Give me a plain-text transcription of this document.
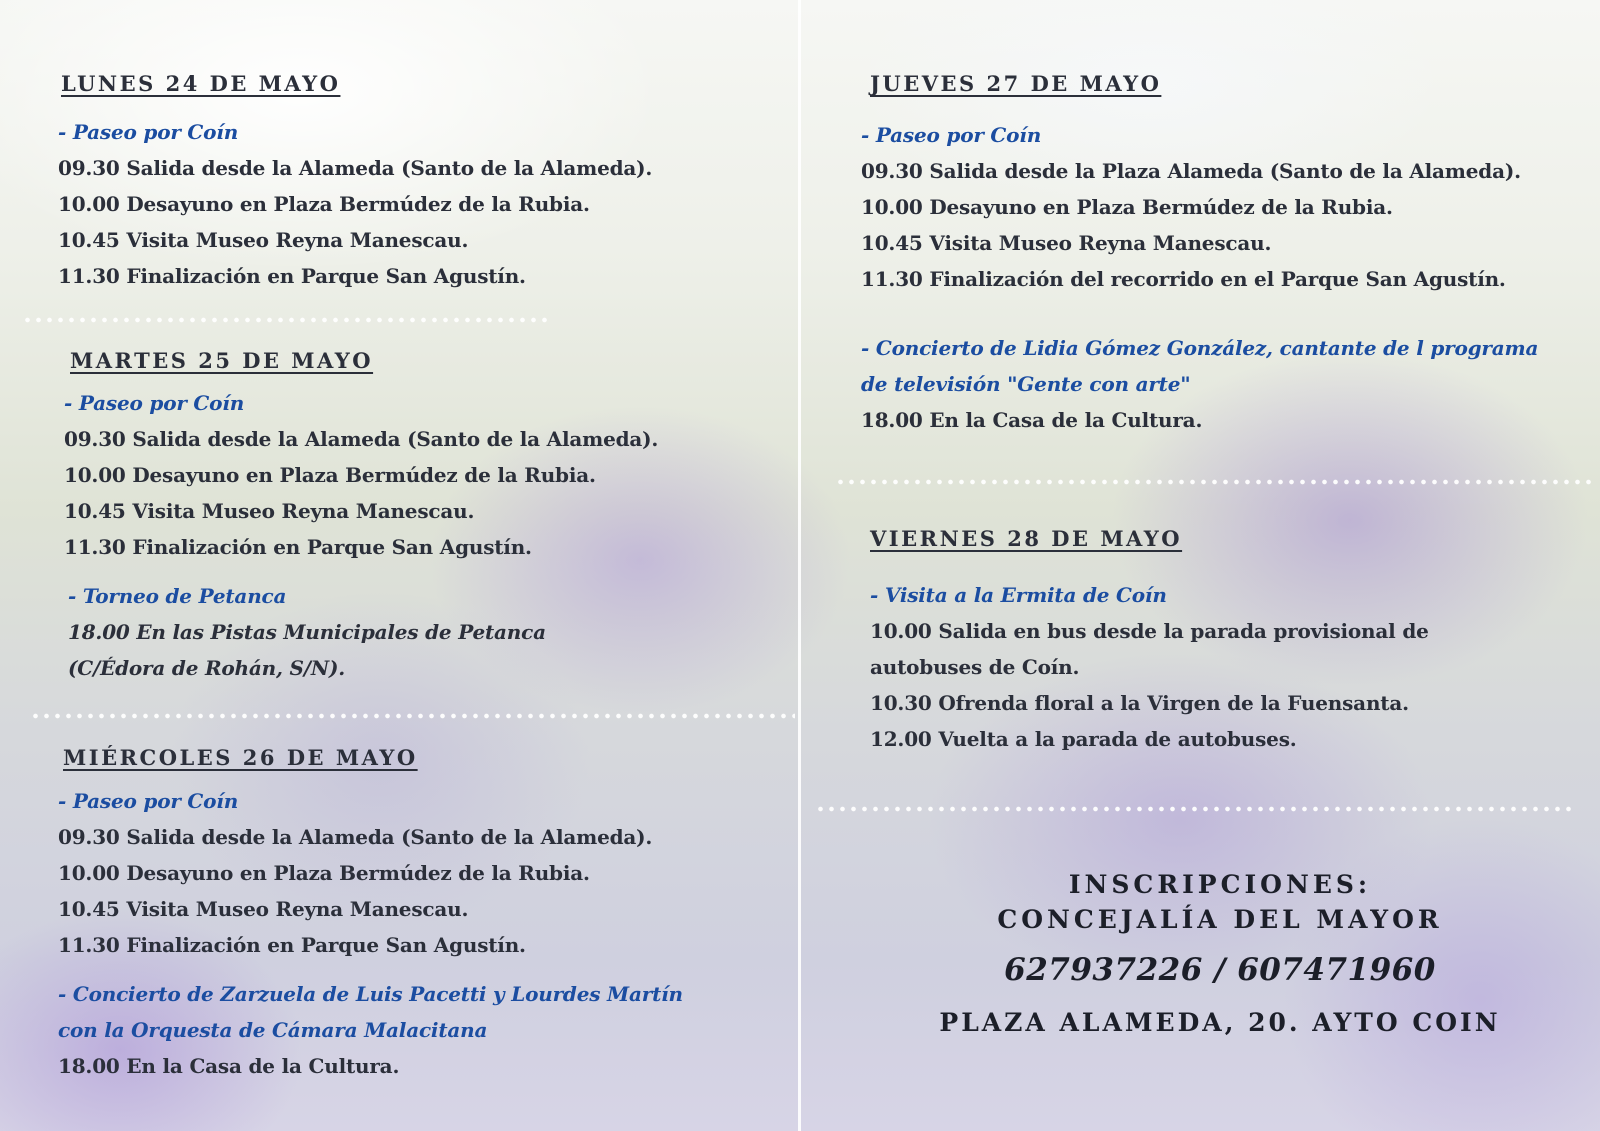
LUNES 24 DE MAYO

- Paseo por Coín

09.30 Salida desde la Alameda (Santo de la Alameda).

10.00 Desayuno en Plaza Bermúdez de la Rubia.

10.45 Visita Museo Reyna Manescau.

11.30 Finalización en Parque San Agustín.

MARTES 25 DE MAYO

- Paseo por Coín

09.30 Salida desde la Alameda (Santo de la Alameda).

10.00 Desayuno en Plaza Bermúdez de la Rubia.

10.45 Visita Museo Reyna Manescau.

11.30 Finalización en Parque San Agustín.

- Torneo de Petanca

18.00 En las Pistas Municipales de Petanca

(C/Édora de Rohán, S/N).

MIÉRCOLES 26 DE MAYO

- Paseo por Coín

09.30 Salida desde la Alameda (Santo de la Alameda).

10.00 Desayuno en Plaza Bermúdez de la Rubia.

10.45 Visita Museo Reyna Manescau.

11.30 Finalización en Parque San Agustín.

- Concierto de Zarzuela de Luis Pacetti y Lourdes Martín

con la Orquesta de Cámara Malacitana

18.00 En la Casa de la Cultura.

JUEVES 27 DE MAYO

- Paseo por Coín

09.30 Salida desde la Plaza Alameda (Santo de la Alameda).

10.00 Desayuno en Plaza Bermúdez de la Rubia.

10.45 Visita Museo Reyna Manescau.

11.30 Finalización del recorrido en el Parque San Agustín.

- Concierto de Lidia Gómez González, cantante de l programa

de televisión "Gente con arte"

18.00 En la Casa de la Cultura.

VIERNES 28 DE MAYO

- Visita a la Ermita de Coín

10.00 Salida en bus desde la parada provisional de

autobuses de Coín.

10.30 Ofrenda floral a la Virgen de la Fuensanta.

12.00 Vuelta a la parada de autobuses.

INSCRIPCIONES:

CONCEJALÍA DEL MAYOR

627937226 / 607471960

PLAZA ALAMEDA, 20. AYTO COIN
